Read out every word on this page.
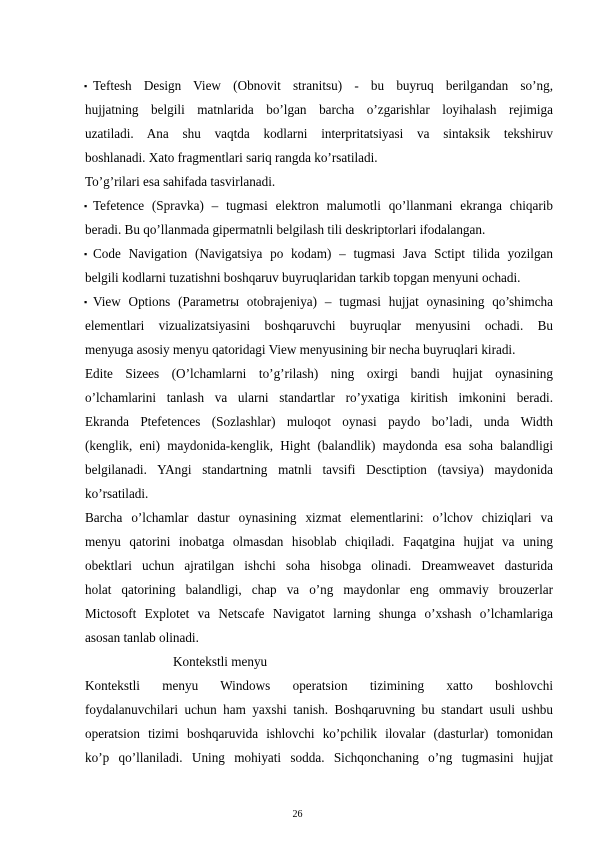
▪ Teftesh Design View (Obnovit stranitsu) - bu buyruq berilgandan so’ng,
hujjatning belgili matnlarida bo’lgan barcha o’zgarishlar loyihalash rejimiga
uzatiladi. Ana shu vaqtda kodlarni interpritatsiyasi va sintaksik tekshiruv
boshlanadi. Xato fragmentlari sariq rangda ko’rsatiladi.
To’g’rilari esa sahifada tasvirlanadi.
▪ Tefetence (Spravka) – tugmasi elektron malumotli qo’llanmani ekranga chiqarib
beradi. Bu qo’llanmada gipermatnli belgilash tili deskriptorlari ifodalangan.
▪ Code Navigation (Navigatsiya po kodam) – tugmasi Java Sctipt tilida yozilgan
belgili kodlarni tuzatishni boshqaruv buyruqlaridan tarkib topgan menyuni ochadi.
▪ View Options (Parametrы otobrajeniya) – tugmasi hujjat oynasining qo’shimcha
elementlari vizualizatsiyasini boshqaruvchi buyruqlar menyusini ochadi. Bu
menyuga asosiy menyu qatoridagi View menyusining bir necha buyruqlari kiradi.
Edite Sizees (O’lchamlarni to’g’rilash) ning oxirgi bandi hujjat oynasining
o’lchamlarini tanlash va ularni standartlar ro’yxatiga kiritish imkonini beradi.
Ekranda Ptefetences (Sozlashlar) muloqot oynasi paydo bo’ladi, unda Width
(kenglik, eni) maydonida-kenglik, Hight (balandlik) maydonda esa soha balandligi
belgilanadi. YAngi standartning matnli tavsifi Desctiption (tavsiya) maydonida
ko’rsatiladi.
Barcha o’lchamlar dastur oynasining xizmat elementlarini: o’lchov chiziqlari va
menyu qatorini inobatga olmasdan hisoblab chiqiladi. Faqatgina hujjat va uning
obektlari uchun ajratilgan ishchi soha hisobga olinadi. Dreamweavet dasturida
holat qatorining balandligi, chap va o’ng maydonlar eng ommaviy brouzerlar
Mictosoft Explotet va Netscafe Navigatot larning shunga o’xshash o’lchamlariga
asosan tanlab olinadi.
Kontekstli menyu
Kontekstli menyu Windows operatsion tizimining xatto boshlovchi
foydalanuvchilari uchun ham yaxshi tanish. Boshqaruvning bu standart usuli ushbu
operatsion tizimi boshqaruvida ishlovchi ko’pchilik ilovalar (dasturlar) tomonidan
ko’p qo’llaniladi. Uning mohiyati sodda. Sichqonchaning o’ng tugmasini hujjat
26
